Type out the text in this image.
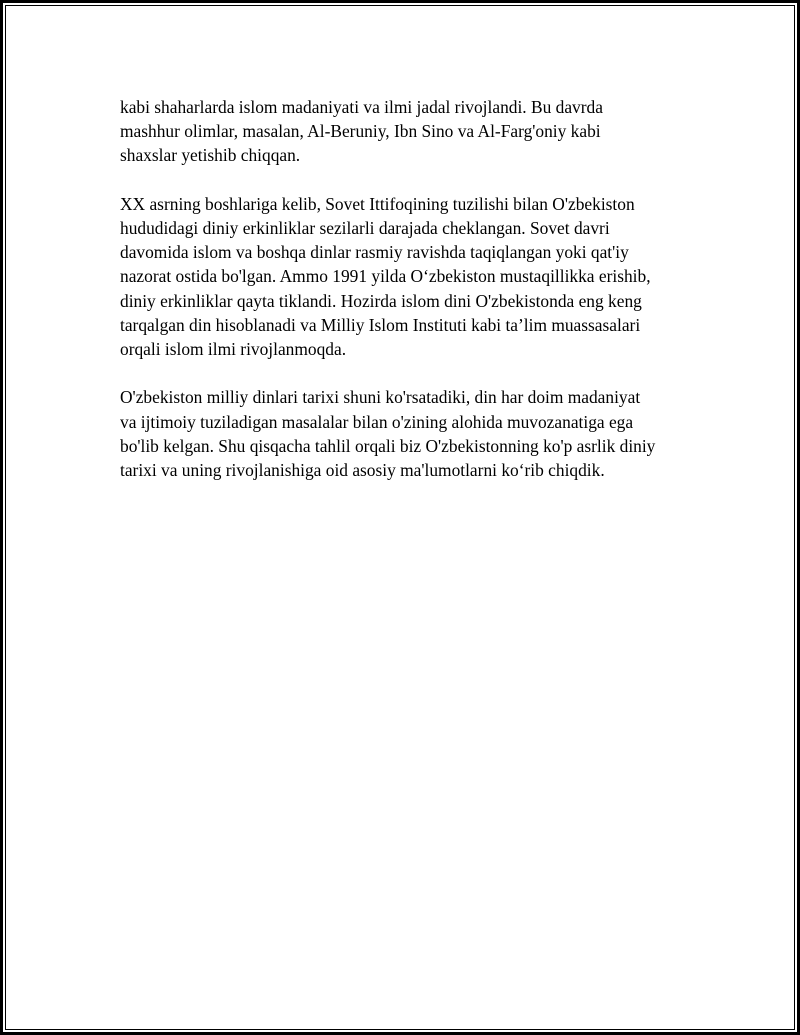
kabi shaharlarda islom madaniyati va ilmi jadal rivojlandi. Bu davrda
mashhur olimlar, masalan, Al-Beruniy, Ibn Sino va Al-Farg'oniy kabi
shaxslar yetishib chiqqan.

XX asrning boshlariga kelib, Sovet Ittifoqining tuzilishi bilan O'zbekiston
hududidagi diniy erkinliklar sezilarli darajada cheklangan. Sovet davri
davomida islom va boshqa dinlar rasmiy ravishda taqiqlangan yoki qat'iy
nazorat ostida bo'lgan. Ammo 1991 yilda O‘zbekiston mustaqillikka erishib,
diniy erkinliklar qayta tiklandi. Hozirda islom dini O'zbekistonda eng keng
tarqalgan din hisoblanadi va Milliy Islom Instituti kabi ta’lim muassasalari
orqali islom ilmi rivojlanmoqda.

O'zbekiston milliy dinlari tarixi shuni ko'rsatadiki, din har doim madaniyat
va ijtimoiy tuziladigan masalalar bilan o'zining alohida muvozanatiga ega
bo'lib kelgan. Shu qisqacha tahlil orqali biz O'zbekistonning ko'p asrlik diniy
tarixi va uning rivojlanishiga oid asosiy ma'lumotlarni ko‘rib chiqdik.
